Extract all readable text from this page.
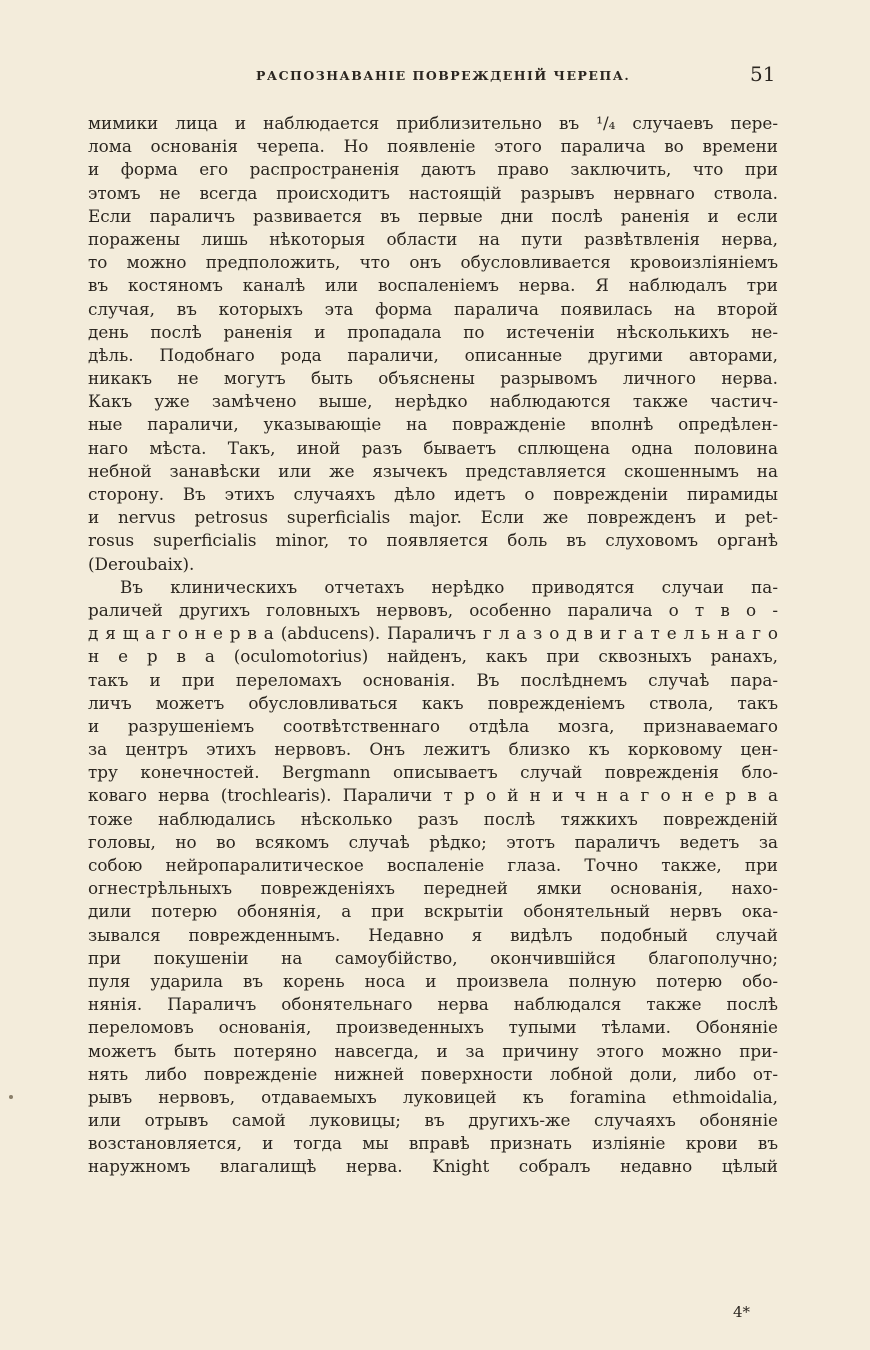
РАСПОЗНАВАНIЕ ПОВРЕЖДЕНIЙ ЧЕРЕПА.	51
мимики лица и наблюдается приблизительно въ ¹/₄ случаевъ пере-
лома основанія черепа. Но появленіе этого паралича во времени
и форма его распространенія даютъ право заключить, что при
этомъ не всегда происходитъ настоящій разрывъ нервнаго ствола.
Если параличъ развивается въ первые дни послѣ раненія и если
поражены лишь нѣкоторыя области на пути развѣтвленія нерва,
то можно предположить, что онъ обусловливается кровоизліяніемъ
въ костяномъ каналѣ или воспаленіемъ нерва. Я наблюдалъ три
случая, въ которыхъ эта форма паралича появилась на второй
день послѣ раненія и пропадала по истеченіи нѣсколькихъ не-
дѣль. Подобнаго рода параличи, описанные другими авторами,
никакъ не могутъ быть объяснены разрывомъ личного нерва.
Какъ уже замѣчено выше, нерѣдко наблюдаются также частич-
ные параличи, указывающіе на повражденіе вполнѣ опредѣлен-
наго мѣста. Такъ, иной разъ бываетъ сплющена одна половина
небной занавѣски или же язычекъ представляется скошеннымъ на
сторону. Въ этихъ случаяхъ дѣло идетъ о поврежденіи пирамиды
и nervus petrosus superficialis major. Если же поврежденъ и pet-
rosus superficialis minor, то появляется боль въ слуховомъ органѣ
(Deroubaix).
Въ клиническихъ отчетахъ нерѣдко приводятся случаи па-
раличей другихъ головныхъ нервовъ, особенно паралича о т в о -
д я щ а г о н е р в а (abducens). Параличъ г л а з о д в и г а т е л ь н а г о
н е р в а (oculomotorius) найденъ, какъ при сквозныхъ ранахъ,
такъ и при переломахъ основанія. Въ послѣднемъ случаѣ пара-
личъ можетъ обусловливаться какъ поврежденіемъ ствола, такъ
и разрушеніемъ соотвѣтственнаго отдѣла мозга, признаваемаго
за центръ этихъ нервовъ. Онъ лежитъ близко къ корковому цен-
тру конечностей. Bergmann описываетъ случай поврежденія бло-
коваго нерва (trochlearis). Параличи т р о й н и ч н а г о н е р в а
тоже наблюдались нѣсколько разъ послѣ тяжкихъ поврежденій
головы, но во всякомъ случаѣ рѣдко; этотъ параличъ ведетъ за
собою нейропаралитическое воспаленіе глаза. Точно также, при
огнестрѣльныхъ поврежденіяхъ передней ямки основанія, нахо-
дили потерю обонянія, а при вскрытіи обонятельный нервъ ока-
зывался поврежденнымъ. Недавно я видѣлъ подобный случай
при покушеніи на самоубійство, окончившійся благополучно;
пуля ударила въ корень носа и произвела полную потерю обо-
нянія. Параличъ обонятельнаго нерва наблюдался также послѣ
переломовъ основанія, произведенныхъ тупыми тѣлами. Обоняніе
можетъ быть потеряно навсегда, и за причину этого можно при-
нять либо поврежденіе нижней поверхности лобной доли, либо от-
рывъ нервовъ, отдаваемыхъ луковицей къ foramina ethmoidalia,
или отрывъ самой луковицы; въ другихъ-же случаяхъ обоняніе
возстановляется, и тогда мы вправѣ признать изліяніе крови въ
наружномъ влагалищѣ нерва. Knight собралъ недавно цѣлый
4*
